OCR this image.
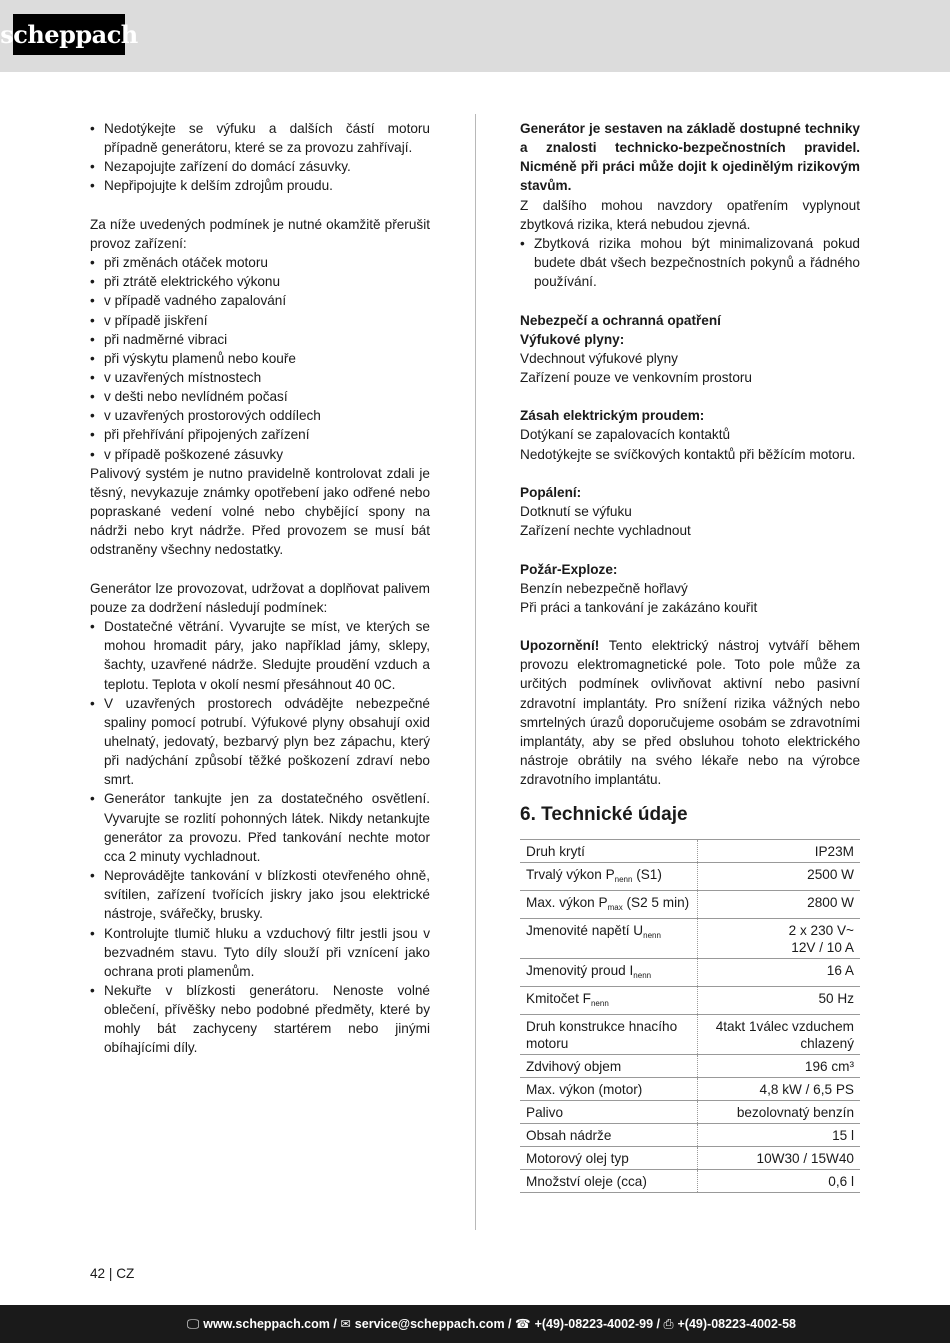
scheppach
• Nedotýkejte se výfuku a dalších částí motoru případně generátoru, které se za provozu zahřívají.
• Nezapojujte zařízení do domácí zásuvky.
• Nepřipojujte k delším zdrojům proudu.

Za níže uvedených podmínek je nutné okamžitě přerušit provoz zařízení:

• při změnách otáček motoru
• při ztrátě elektrického výkonu
• v případě vadného zapalování
• v případě jiskření
• při nadměrné vibraci
• při výskytu plamenů nebo kouře
• v uzavřených místnostech
• v dešti nebo nevlídném počasí
• v uzavřených prostorových oddílech
• při přehřívání připojených zařízení
• v případě poškozené zásuvky

Palivový systém je nutno pravidelně kontrolovat zdali je těsný, nevykazuje známky opotřebení jako odřené nebo popraskané vedení volné nebo chybějící spony na nádrži nebo kryt nádrže. Před provozem se musí bát odstraněny všechny nedostatky.

Generátor lze provozovat, udržovat a doplňovat palivem pouze za dodržení následují podmínek:

• Dostatečné větrání. Vyvarujte se míst, ve kterých se mohou hromadit páry, jako například jámy, sklepy, šachty, uzavřené nádrže. Sledujte proudění vzduch a teplotu. Teplota v okolí nesmí přesáhnout 40 0C.
• V uzavřených prostorech odvádějte nebezpečné spaliny pomocí potrubí. Výfukové plyny obsahují oxid uhelnatý, jedovatý, bezbarvý plyn bez zápachu, který při nadýchání způsobí těžké poškození zdraví nebo smrt.
• Generátor tankujte jen za dostatečného osvětlení. Vyvarujte se rozlití pohonných látek. Nikdy netankujte generátor za provozu. Před tankování nechte motor cca 2 minuty vychladnout.
• Neprovádějte tankování v blízkosti otevřeného ohně, svítilen, zařízení tvořících jiskry jako jsou elektrické nástroje, svářečky, brusky.
• Kontrolujte tlumič hluku a vzduchový filtr jestli jsou v bezvadném stavu. Tyto díly slouží při vznícení jako ochrana proti plamenům.
• Nekuřte v blízkosti generátoru. Nenoste volné oblečení, přívěšky nebo podobné předměty, které by mohly bát zachyceny startérem nebo jinými obíhajícími díly.

Generátor je sestaven na základě dostupné techniky a znalosti technicko-bezpečnostních pravidel. Nicméně při práci může dojit k ojedinělým rizikovým stavům.

Z dalšího mohou navzdory opatřením vyplynout zbytková rizika, která nebudou zjevná.

• Zbytková rizika mohou být minimalizovaná pokud budete dbát všech bezpečnostních pokynů a řádného používání.

Nebezpečí a ochranná opatření

Výfukové plyny:

Vdechnout výfukové plyny

Zařízení pouze ve venkovním prostoru

Zásah elektrickým proudem:

Dotýkaní se zapalovacích kontaktů

Nedotýkejte se svíčkových kontaktů při běžícím motoru.

Popálení:

Dotknutí se výfuku

Zařízení nechte vychladnout

Požár-Exploze:

Benzín nebezpečně hořlavý

Při práci a tankování je zakázáno kouřit

Upozornění! Tento elektrický nástroj vytváří během provozu elektromagnetické pole. Toto pole může za určitých podmínek ovlivňovat aktivní nebo pasivní zdravotní implantáty. Pro snížení rizika vážných nebo smrtelných úrazů doporučujeme osobám se zdravotními implantáty, aby se před obsluhou tohoto elektrického nástroje obrátily na svého lékaře nebo na výrobce zdravotního implantátu.

6. Technické údaje
Druh krytí	IP23M
Trvalý výkon $P_{nenn}$ (S1)	2500 W
Max. výkon $P_{max}$ (S2 5 min)	2800 W
Jmenovité napětí $U_{nenn}$	2 x 230 V~
12V / 10 A
Jmenovitý proud $I_{nenn}$	16 A
Kmitočet $F_{nenn}$	50 Hz
Druh konstrukce hnacího motoru	4takt 1válec vzduchem chlazený
Zdvihový objem	196 cm³
Max. výkon (motor)	4,8 kW / 6,5 PS
Palivo	bezolovnatý benzín
Obsah nádrže	15 l
Motorový olej typ	10W30 / 15W40
Množství oleje (cca)	0,6 l
42 | CZ
🖵 www.scheppach.com / ✉ service@scheppach.com / ☎ +(49)-08223-4002-99 / ⎙ +(49)-08223-4002-58
